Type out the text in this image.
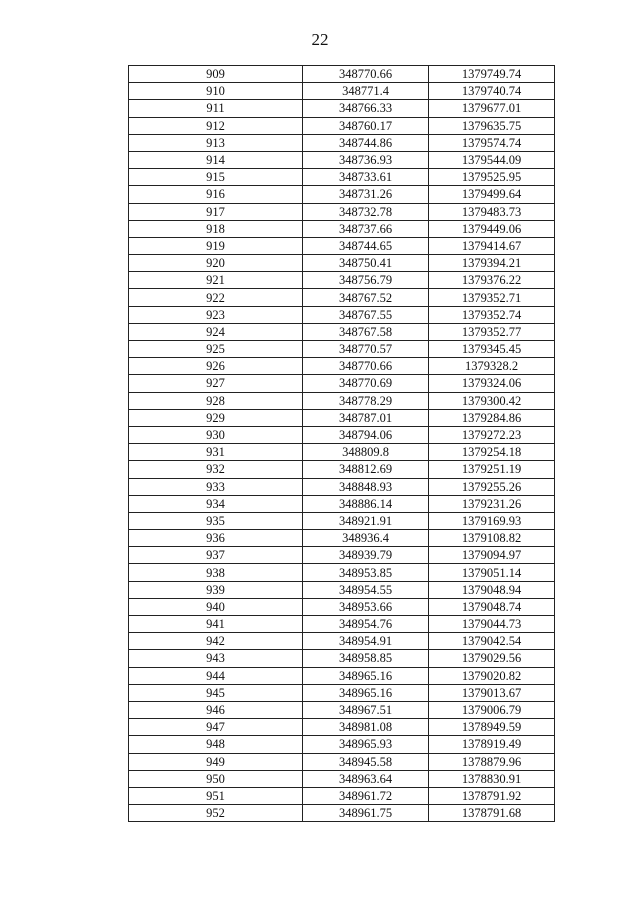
22
909	348770.66	1379749.74
910	348771.4	1379740.74
911	348766.33	1379677.01
912	348760.17	1379635.75
913	348744.86	1379574.74
914	348736.93	1379544.09
915	348733.61	1379525.95
916	348731.26	1379499.64
917	348732.78	1379483.73
918	348737.66	1379449.06
919	348744.65	1379414.67
920	348750.41	1379394.21
921	348756.79	1379376.22
922	348767.52	1379352.71
923	348767.55	1379352.74
924	348767.58	1379352.77
925	348770.57	1379345.45
926	348770.66	1379328.2
927	348770.69	1379324.06
928	348778.29	1379300.42
929	348787.01	1379284.86
930	348794.06	1379272.23
931	348809.8	1379254.18
932	348812.69	1379251.19
933	348848.93	1379255.26
934	348886.14	1379231.26
935	348921.91	1379169.93
936	348936.4	1379108.82
937	348939.79	1379094.97
938	348953.85	1379051.14
939	348954.55	1379048.94
940	348953.66	1379048.74
941	348954.76	1379044.73
942	348954.91	1379042.54
943	348958.85	1379029.56
944	348965.16	1379020.82
945	348965.16	1379013.67
946	348967.51	1379006.79
947	348981.08	1378949.59
948	348965.93	1378919.49
949	348945.58	1378879.96
950	348963.64	1378830.91
951	348961.72	1378791.92
952	348961.75	1378791.68
